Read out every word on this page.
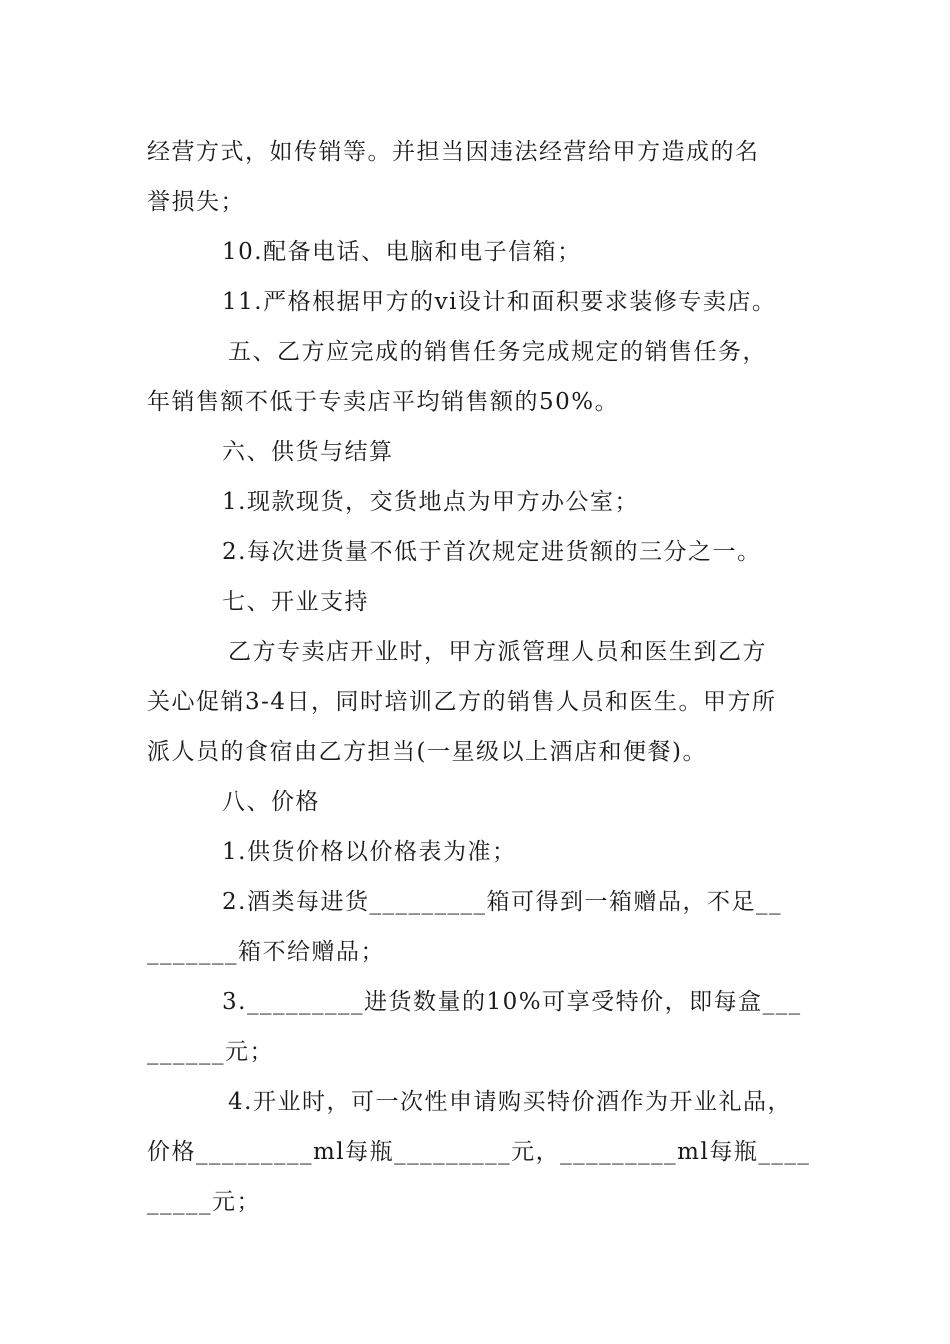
经营方式，如传销等。并担当因违法经营给甲方造成的名
誉损失；
10.配备电话、电脑和电子信箱；
11.严格根据甲方的vi设计和面积要求装修专卖店。
五、乙方应完成的销售任务完成规定的销售任务，
年销售额不低于专卖店平均销售额的50%。
六、供货与结算
1.现款现货，交货地点为甲方办公室；
2.每次进货量不低于首次规定进货额的三分之一。
七、开业支持
乙方专卖店开业时，甲方派管理人员和医生到乙方
关心促销3-4日，同时培训乙方的销售人员和医生。甲方所
派人员的食宿由乙方担当(一星级以上酒店和便餐)。
八、价格
1.供货价格以价格表为准；
2.酒类每进货_________箱可得到一箱赠品，不足__
_______箱不给赠品；
3._________进货数量的10%可享受特价，即每盒___
______元；
4.开业时，可一次性申请购买特价酒作为开业礼品，
价格_________ml每瓶_________元，_________ml每瓶____
_____元；
